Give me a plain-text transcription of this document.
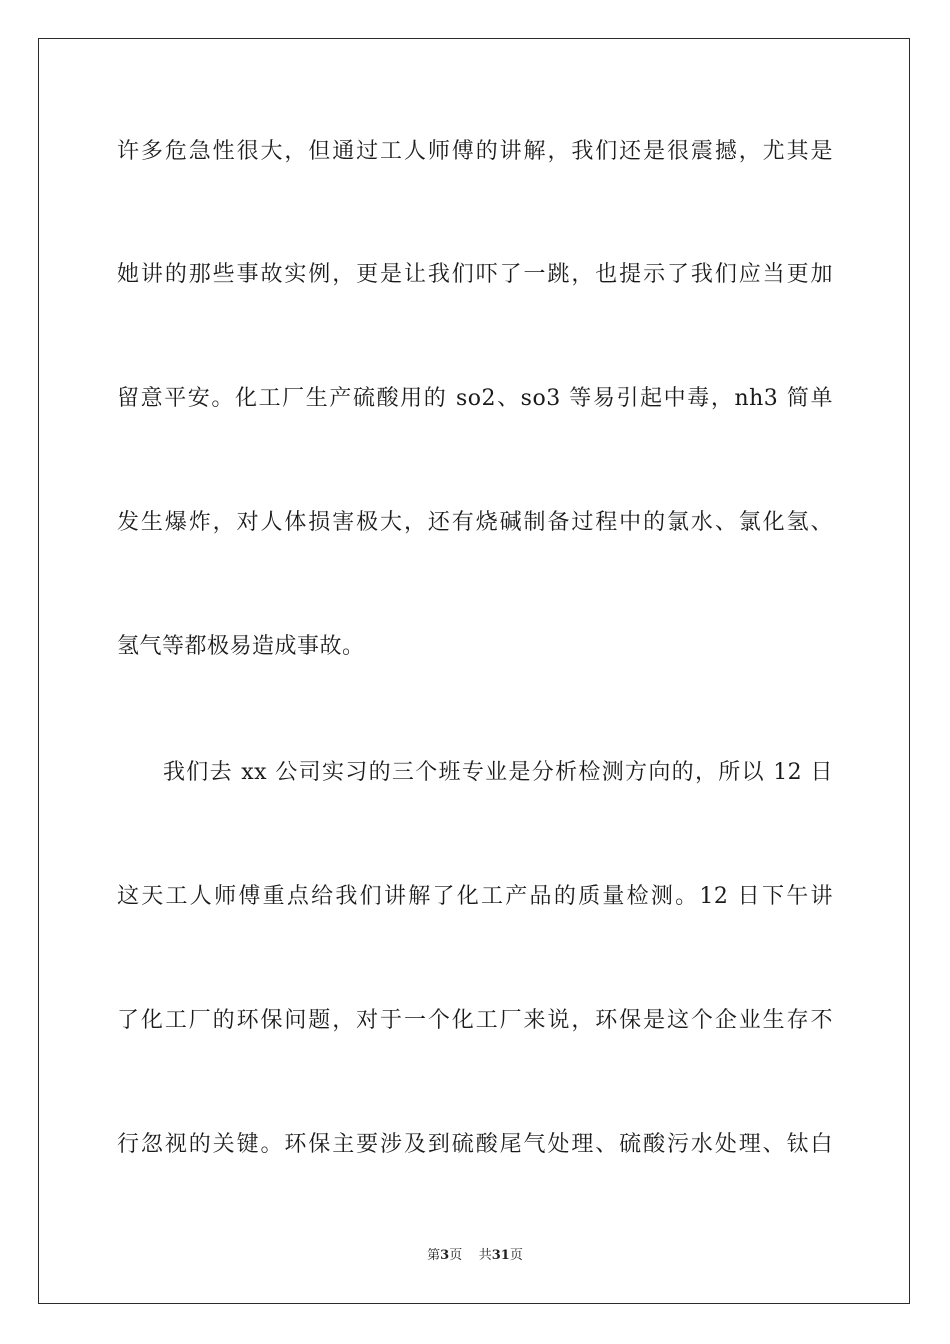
许多危急性很大，但通过工人师傅的讲解，我们还是很震撼，尤其是
她讲的那些事故实例，更是让我们吓了一跳，也提示了我们应当更加
留意平安。化工厂生产硫酸用的 so2、so3 等易引起中毒，nh3 简单
发生爆炸，对人体损害极大，还有烧碱制备过程中的氯水、氯化氢、
氢气等都极易造成事故。
我们去 xx 公司实习的三个班专业是分析检测方向的，所以 12 日
这天工人师傅重点给我们讲解了化工产品的质量检测。12 日下午讲
了化工厂的环保问题，对于一个化工厂来说，环保是这个企业生存不
行忽视的关键。环保主要涉及到硫酸尾气处理、硫酸污水处理、钛白
第3页 共31页
